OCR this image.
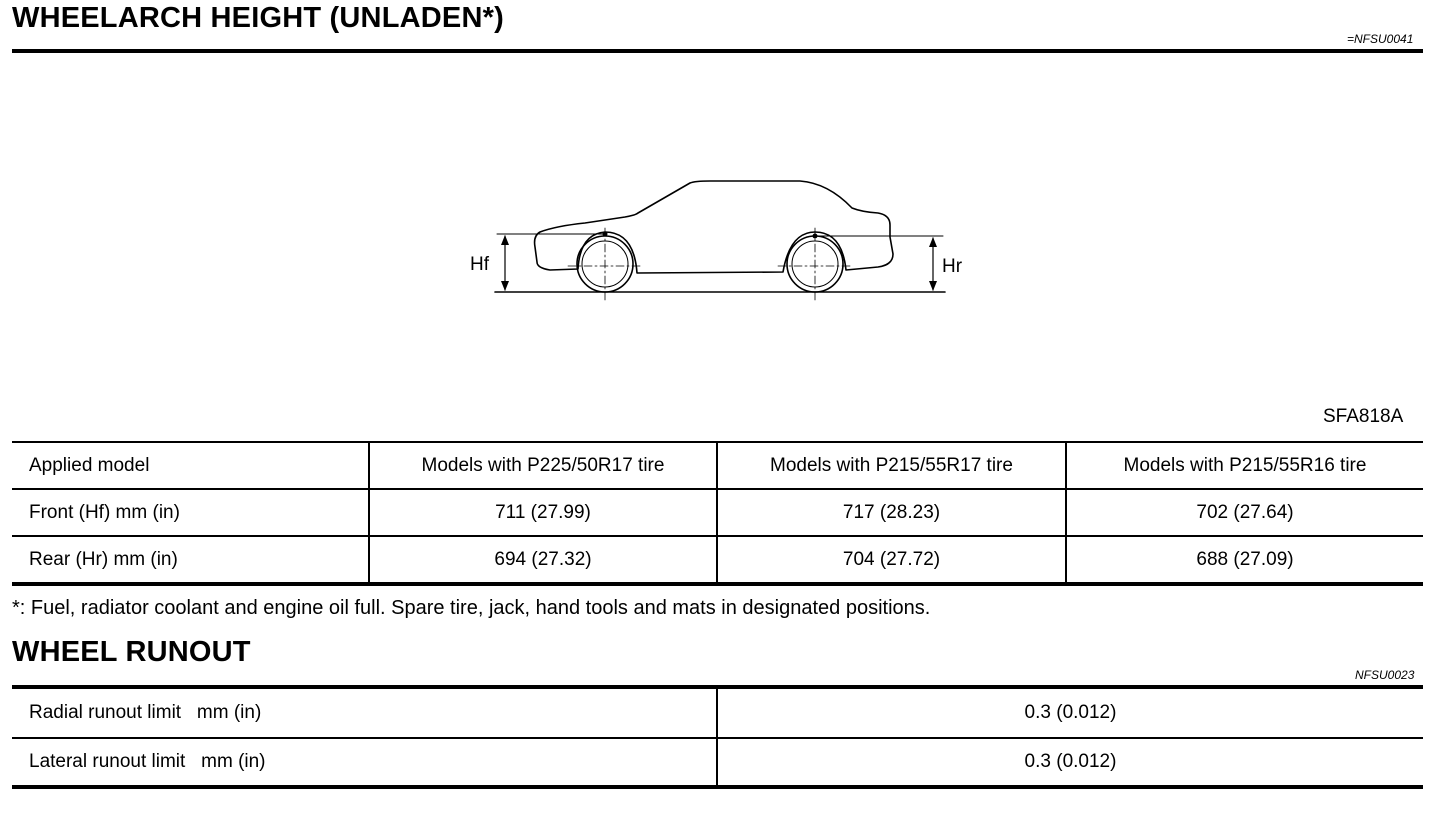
WHEELARCH HEIGHT (UNLADEN*)
=NFSU0041
Hf	Hr
SFA818A
Applied model	Models with P225/50R17 tire	Models with P215/55R17 tire	Models with P215/55R16 tire
Front (Hf) mm (in)	711 (27.99)	717 (28.23)	702 (27.64)
Rear (Hr) mm (in)	694 (27.32)	704 (27.72)	688 (27.09)
*: Fuel, radiator coolant and engine oil full. Spare tire, jack, hand tools and mats in designated positions.
WHEEL RUNOUT
NFSU0023
Radial runout limit   mm (in)	0.3 (0.012)
Lateral runout limit   mm (in)	0.3 (0.012)
